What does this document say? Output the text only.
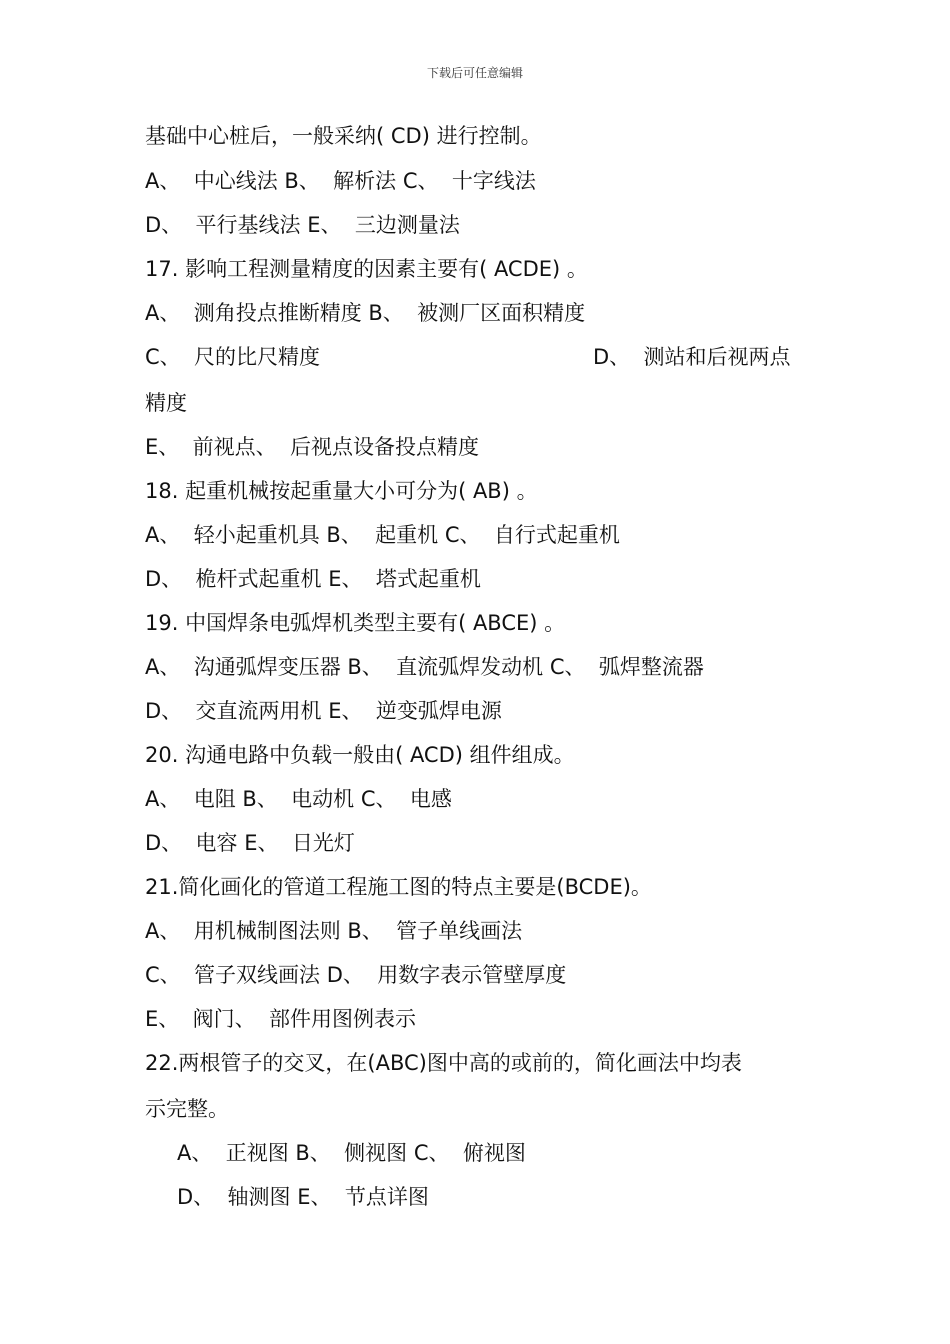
下载后可任意编辑
基础中心桩后，一般采纳( CD) 进行控制。
A、  中心线法 B、  解析法 C、  十字线法
D、  平行基线法 E、  三边测量法
17. 影响工程测量精度的因素主要有( ACDE) 。
A、  测角投点推断精度 B、  被测厂区面积精度
C、  尺的比尺精度	D、  测站和后视两点
精度
E、  前视点、  后视点设备投点精度
18. 起重机械按起重量大小可分为( AB) 。
A、  轻小起重机具 B、  起重机 C、  自行式起重机
D、  桅杆式起重机 E、  塔式起重机
19. 中国焊条电弧焊机类型主要有( ABCE) 。
A、  沟通弧焊变压器 B、  直流弧焊发动机 C、  弧焊整流器
D、  交直流两用机 E、  逆变弧焊电源
20. 沟通电路中负载一般由( ACD) 组件组成。
A、  电阻 B、  电动机 C、  电感
D、  电容 E、  日光灯
21.简化画化的管道工程施工图的特点主要是(BCDE)。
A、  用机械制图法则 B、  管子单线画法
C、  管子双线画法 D、  用数字表示管壁厚度
E、  阀门、  部件用图例表示
22.两根管子的交叉，在(ABC)图中高的或前的，简化画法中均表
示完整。
A、  正视图 B、  侧视图 C、  俯视图
D、  轴测图 E、  节点详图
